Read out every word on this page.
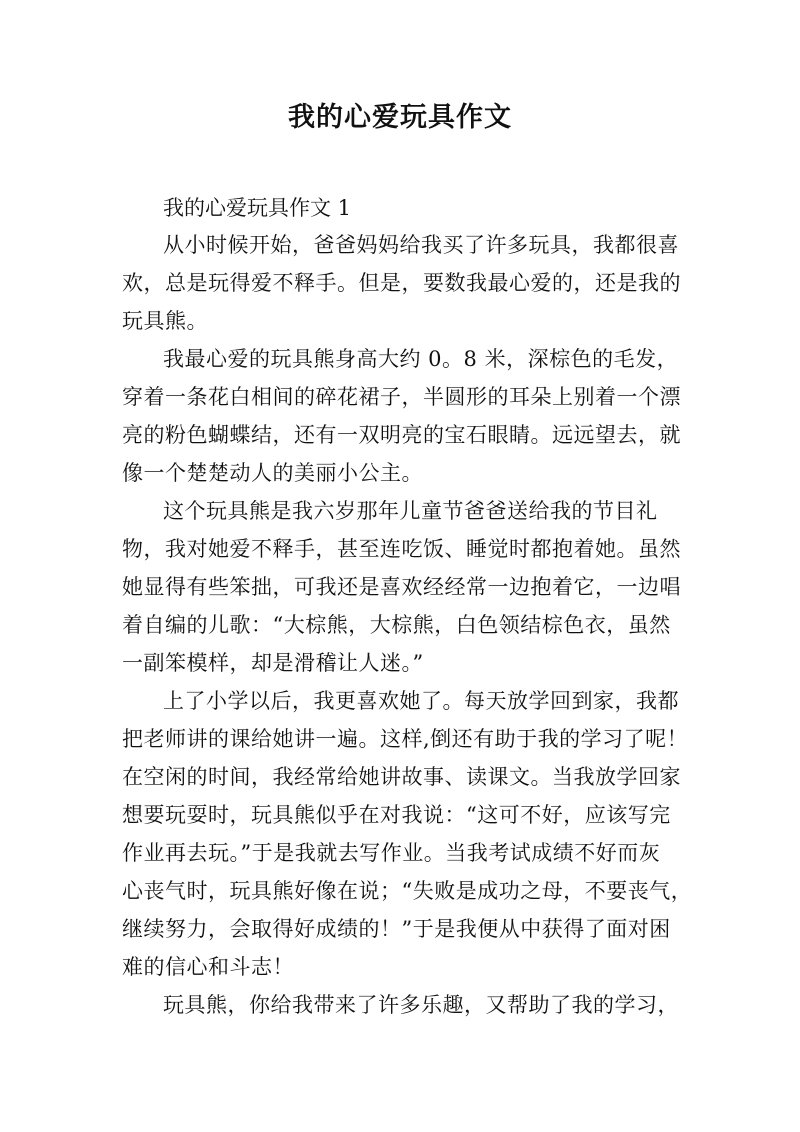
我的心爱玩具作文
我的心爱玩具作文 1
从小时候开始，爸爸妈妈给我买了许多玩具，我都很喜
欢，总是玩得爱不释手。但是，要数我最心爱的，还是我的
玩具熊。
我最心爱的玩具熊身高大约 0。8 米，深棕色的毛发，
穿着一条花白相间的碎花裙子，半圆形的耳朵上别着一个漂
亮的粉色蝴蝶结，还有一双明亮的宝石眼睛。远远望去，就
像一个楚楚动人的美丽小公主。
这个玩具熊是我六岁那年儿童节爸爸送给我的节目礼
物，我对她爱不释手，甚至连吃饭、睡觉时都抱着她。虽然
她显得有些笨拙，可我还是喜欢经经常一边抱着它，一边唱
着自编的儿歌：“大棕熊，大棕熊，白色领结棕色衣，虽然
一副笨模样，却是滑稽让人迷。”
上了小学以后，我更喜欢她了。每天放学回到家，我都
把老师讲的课给她讲一遍。这样,倒还有助于我的学习了呢！
在空闲的时间，我经常给她讲故事、读课文。当我放学回家
想要玩耍时，玩具熊似乎在对我说：“这可不好，应该写完
作业再去玩。”于是我就去写作业。当我考试成绩不好而灰
心丧气时，玩具熊好像在说；“失败是成功之母，不要丧气，
继续努力，会取得好成绩的！”于是我便从中获得了面对困
难的信心和斗志！
玩具熊，你给我带来了许多乐趣，又帮助了我的学习，
